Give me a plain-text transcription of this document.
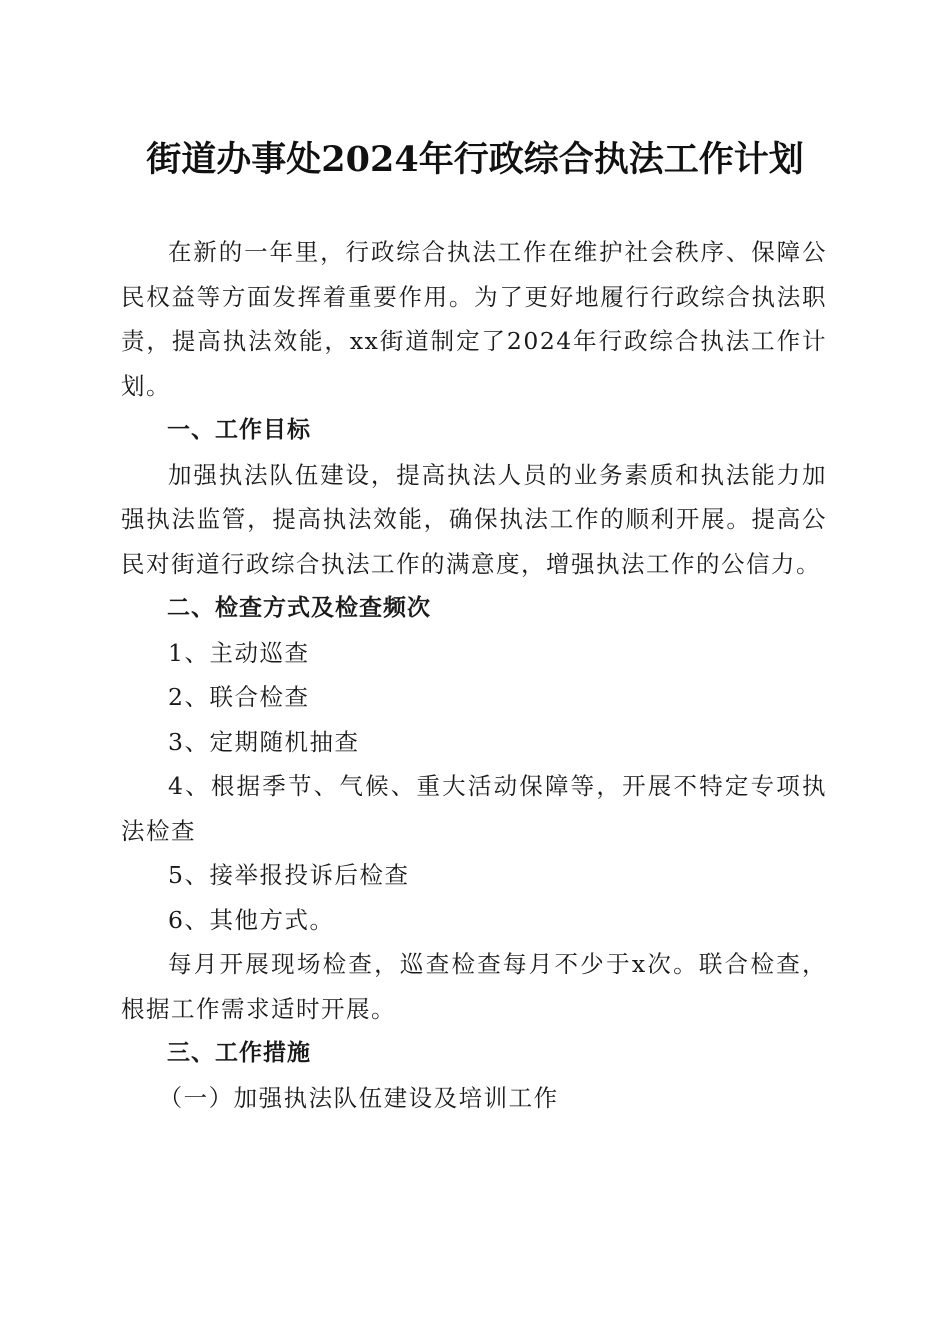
街道办事处2024年行政综合执法工作计划

在新的一年里，行政综合执法工作在维护社会秩序、保障公民权益等方面发挥着重要作用。为了更好地履行行政综合执法职责，提高执法效能，xx街道制定了2024年行政综合执法工作计划。

一、工作目标

加强执法队伍建设，提高执法人员的业务素质和执法能力加强执法监管，提高执法效能，确保执法工作的顺利开展。提高公民对街道行政综合执法工作的满意度，增强执法工作的公信力。

二、检查方式及检查频次

1、主动巡查

2、联合检查

3、定期随机抽查

4、根据季节、气候、重大活动保障等，开展不特定专项执法检查

5、接举报投诉后检查

6、其他方式。

每月开展现场检查，巡查检查每月不少于x次。联合检查，根据工作需求适时开展。

三、工作措施

（一）加强执法队伍建设及培训工作
